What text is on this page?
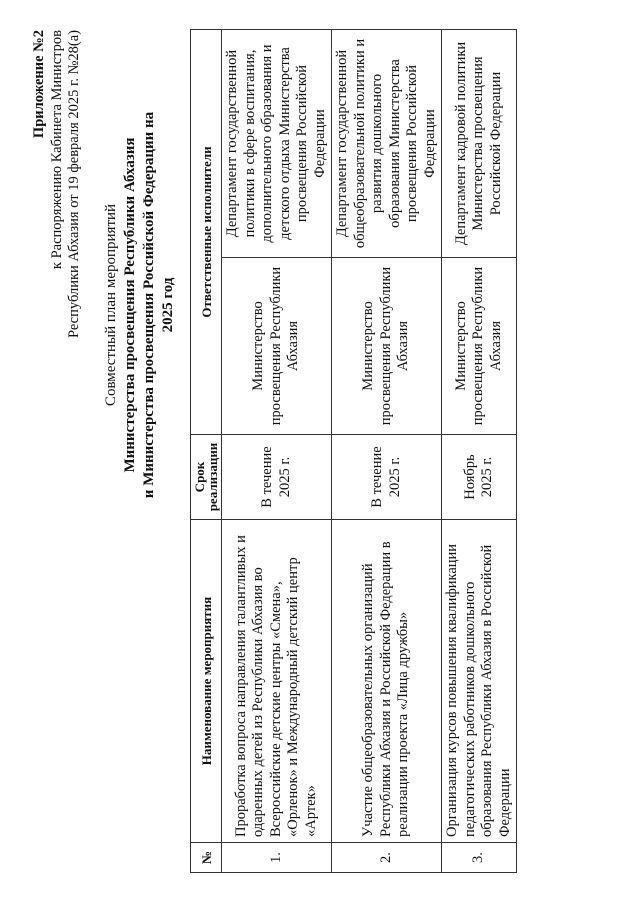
Приложение №2 к Распоряжению Кабинета Министров Республики Абхазия от 19 февраля 2025 г. №28(а) Совместный план мероприятий Министерства просвещения Республики Абхазия и Министерства просвещения Российской Федерации на 2025 год
№	Наименование мероприятия	Срок реализации	Ответственные исполнители	
1.	Проработка вопроса направления талантливых и одаренных детей из Республики Абхазия во Всероссийские детские центры «Смена», «Орленок» и Международный детский центр «Артек»	В течение 2025 г.	Министерство просвещения Республики Абхазия	Департамент государственной политики в сфере воспитания, дополнительного образования и детского отдыха Министерства просвещения Российской Федерации
2.	Участие общеобразовательных организаций Республики Абхазия и Российской Федерации в реализации проекта «Лица дружбы»	В течение 2025 г.	Министерство просвещения Республики Абхазия	Департамент государственной общеобразовательной политики и развития дошкольного образования Министерства просвещения Российской Федерации
3.	Организация курсов повышения квалификации педагогических работников дошкольного образования Республики Абхазия в Российской Федерации	Ноябрь 2025 г.	Министерство просвещения Республики Абхазия	Департамент кадровой политики Министерства просвещения Российской Федерации
